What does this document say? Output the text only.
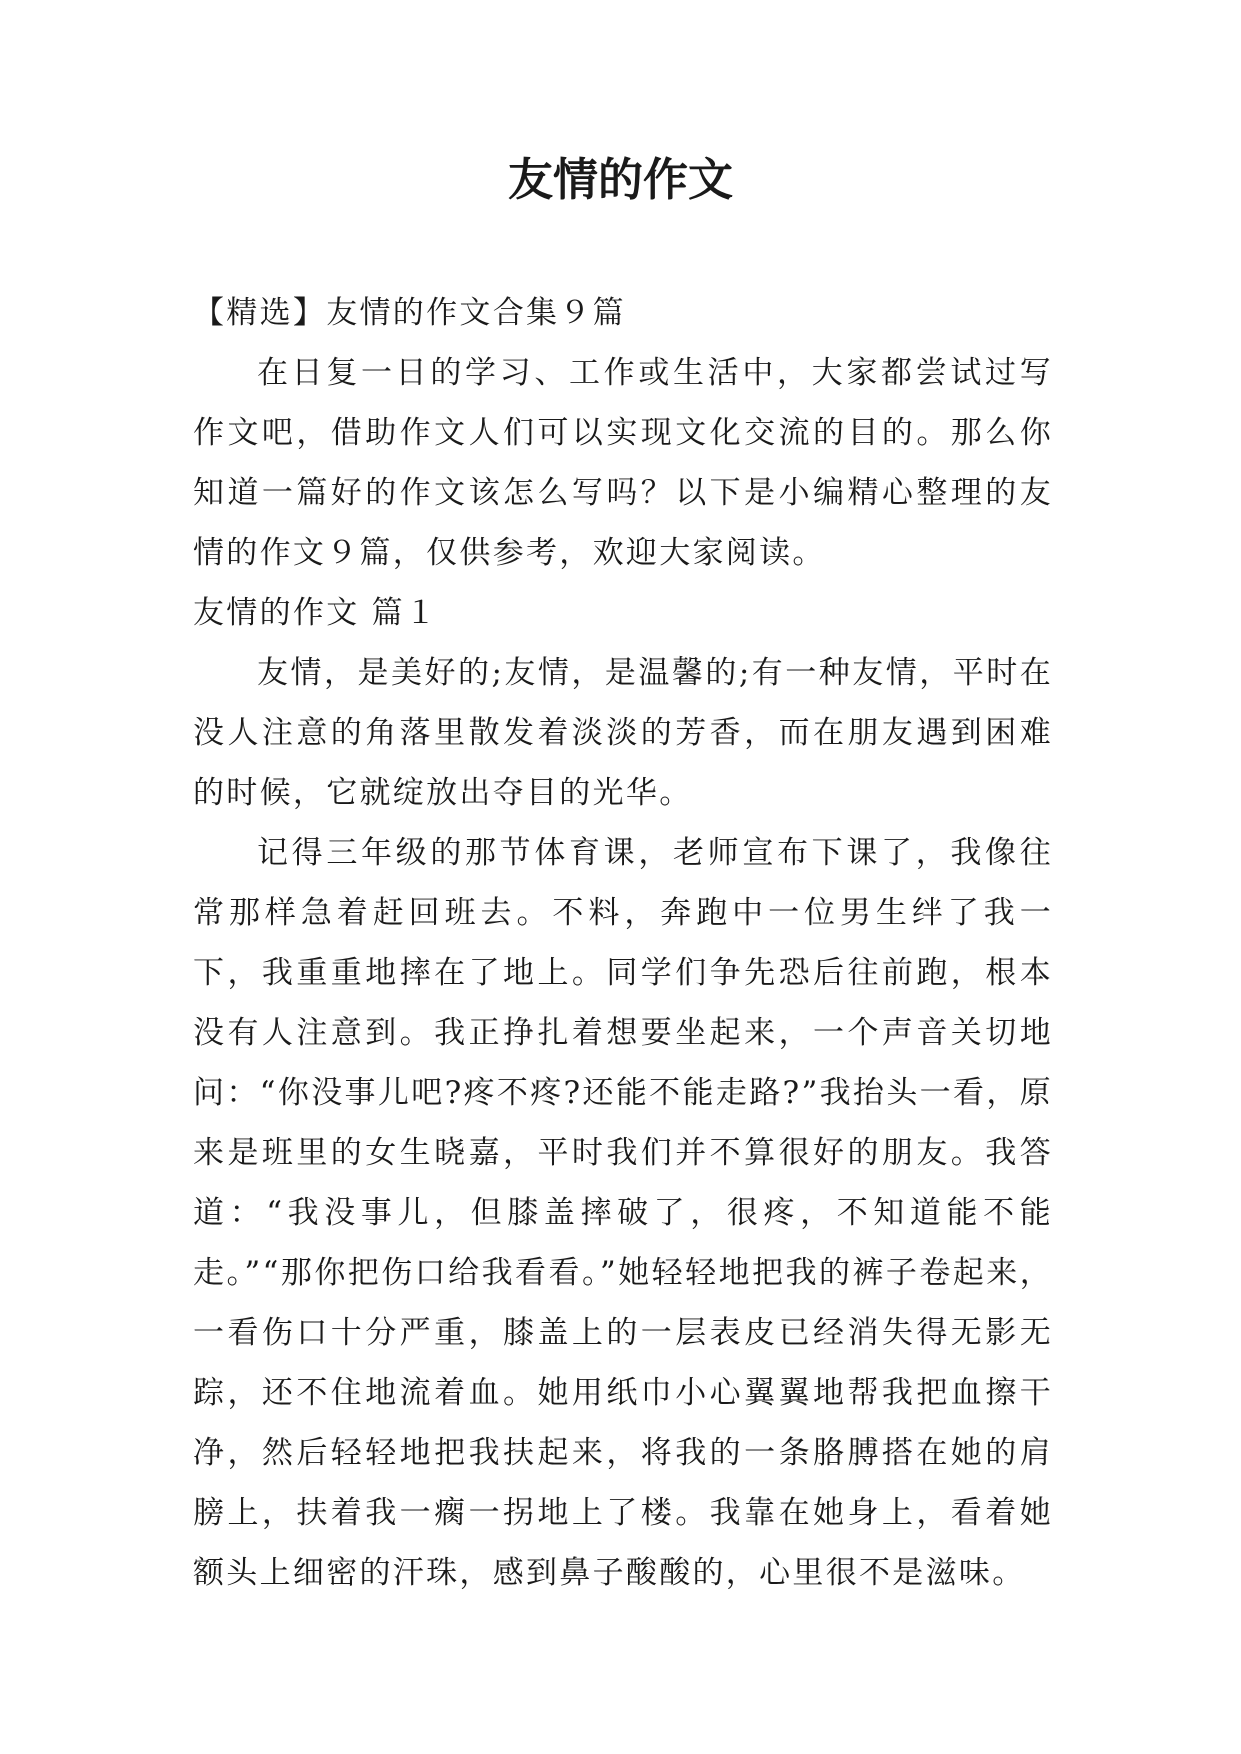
友情的作文

【精选】友情的作文合集９篇

在日复一日的学习、工作或生活中，大家都尝试过写作文吧，借助作文人们可以实现文化交流的目的。那么你知道一篇好的作文该怎么写吗？以下是小编精心整理的友情的作文９篇，仅供参考，欢迎大家阅读。

友情的作文 篇１

友情，是美好的;友情，是温馨的;有一种友情，平时在没人注意的角落里散发着淡淡的芳香，而在朋友遇到困难的时候，它就绽放出夺目的光华。

记得三年级的那节体育课，老师宣布下课了，我像往常那样急着赶回班去。不料，奔跑中一位男生绊了我一下，我重重地摔在了地上。同学们争先恐后往前跑，根本没有人注意到。我正挣扎着想要坐起来，一个声音关切地问：“你没事儿吧?疼不疼?还能不能走路?”我抬头一看，原来是班里的女生晓嘉，平时我们并不算很好的朋友。我答道：“我没事儿，但膝盖摔破了，很疼，不知道能不能走。”“那你把伤口给我看看。”她轻轻地把我的裤子卷起来，一看伤口十分严重，膝盖上的一层表皮已经消失得无影无踪，还不住地流着血。她用纸巾小心翼翼地帮我把血擦干净，然后轻轻地把我扶起来，将我的一条胳膊搭在她的肩膀上，扶着我一瘸一拐地上了楼。我靠在她身上，看着她额头上细密的汗珠，感到鼻子酸酸的，心里很不是滋味。
